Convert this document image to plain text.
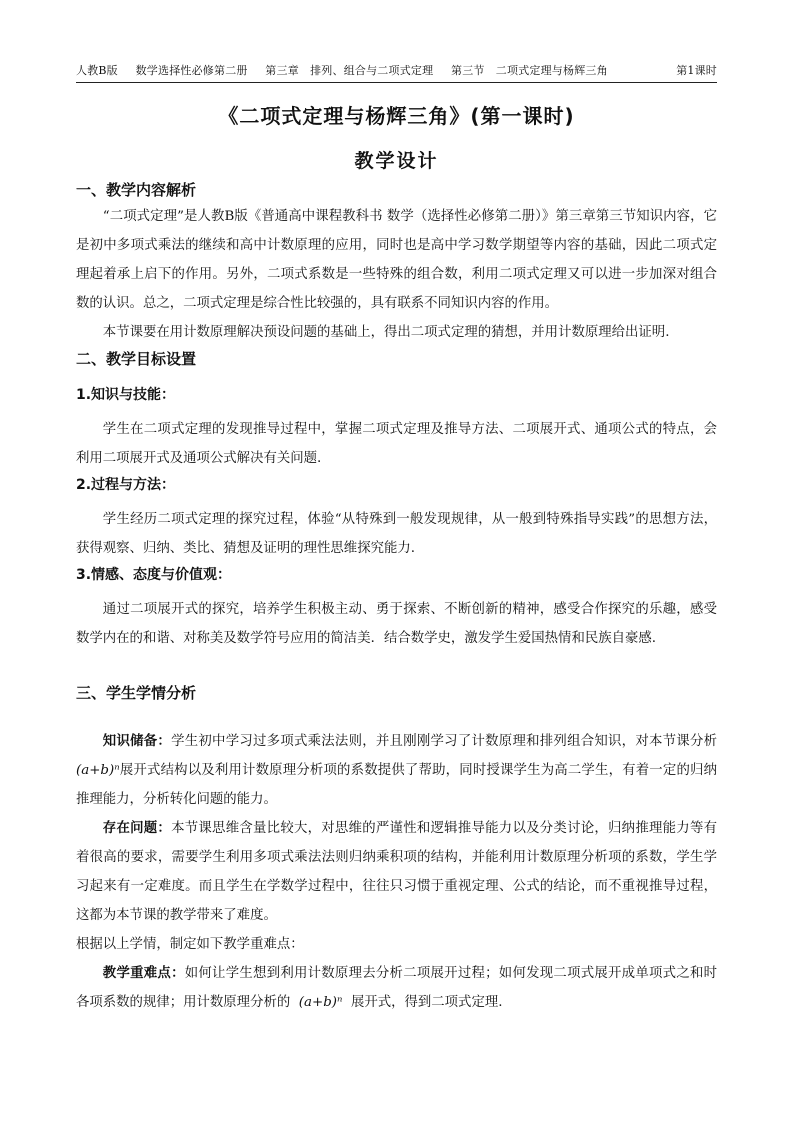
人教B版 数学选择性必修第二册 第三章　排列、组合与二项式定理 第三节　二项式定理与杨辉三角	第1课时
《二项式定理与杨辉三角》(第一课时)
教学设计
一、教学内容解析

“二项式定理”是人教B版《普通高中课程教科书 数学（选择性必修第二册）》第三章第三节知识内容，它是初中多项式乘法的继续和高中计数原理的应用，同时也是高中学习数学期望等内容的基础，因此二项式定理起着承上启下的作用。另外，二项式系数是一些特殊的组合数，利用二项式定理又可以进一步加深对组合数的认识。总之，二项式定理是综合性比较强的，具有联系不同知识内容的作用。

本节课要在用计数原理解决预设问题的基础上，得出二项式定理的猜想，并用计数原理给出证明.

二、教学目标设置
1.知识与技能：

学生在二项式定理的发现推导过程中，掌握二项式定理及推导方法、二项展开式、通项公式的特点，会利用二项展开式及通项公式解决有关问题.

2.过程与方法：

学生经历二项式定理的探究过程，体验“从特殊到一般发现规律，从一般到特殊指导实践”的思想方法，获得观察、归纳、类比、猜想及证明的理性思维探究能力.

3.情感、态度与价值观：

通过二项展开式的探究，培养学生积极主动、勇于探索、不断创新的精神，感受合作探究的乐趣，感受数学内在的和谐、对称美及数学符号应用的简洁美．结合数学史，激发学生爱国热情和民族自豪感.

三、学生学情分析

知识储备：学生初中学习过多项式乘法法则，并且刚刚学习了计数原理和排列组合知识，对本节课分析(a+b)ⁿ展开式结构以及利用计数原理分析项的系数提供了帮助，同时授课学生为高二学生，有着一定的归纳推理能力，分析转化问题的能力。

存在问题：本节课思维含量比较大，对思维的严谨性和逻辑推导能力以及分类讨论，归纳推理能力等有着很高的要求，需要学生利用多项式乘法法则归纳乘积项的结构，并能利用计数原理分析项的系数，学生学习起来有一定难度。而且学生在学数学过程中，往往只习惯于重视定理、公式的结论，而不重视推导过程，这都为本节课的教学带来了难度。

根据以上学情，制定如下教学重难点：

教学重难点：如何让学生想到利用计数原理去分析二项展开过程；如何发现二项式展开成单项式之和时各项系数的规律；用计数原理分析的 (a+b)ⁿ 展开式，得到二项式定理.
